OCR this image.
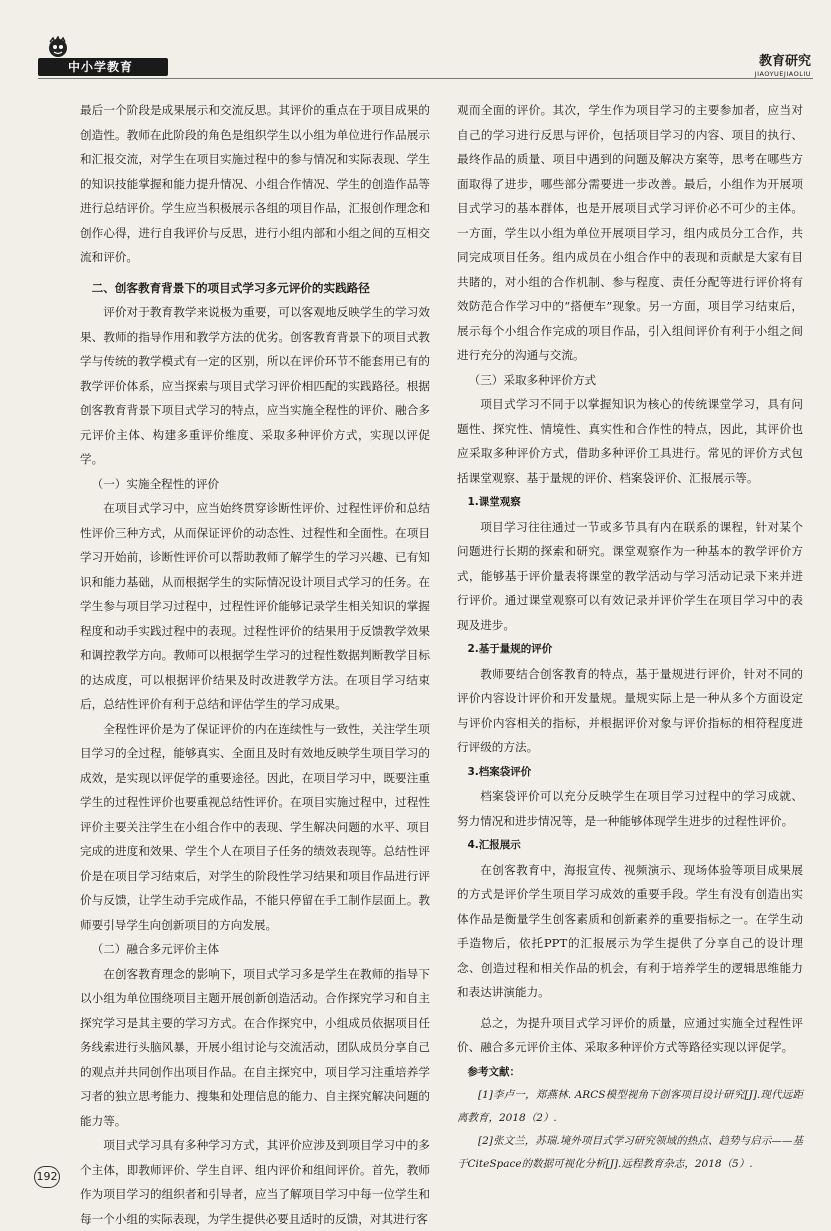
中小学教育	教育研究
JIAOYUEJIAOLIU

最后一个阶段是成果展示和交流反思。其评价的重点在于项目成果的创造性。教师在此阶段的角色是组织学生以小组为单位进行作品展示和汇报交流，对学生在项目实施过程中的参与情况和实际表现、学生的知识技能掌握和能力提升情况、小组合作情况、学生的创造作品等进行总结评价。学生应当积极展示各组的项目作品，汇报创作理念和创作心得，进行自我评价与反思，进行小组内部和小组之间的互相交流和评价。

二、创客教育背景下的项目式学习多元评价的实践路径

评价对于教育教学来说极为重要，可以客观地反映学生的学习效果、教师的指导作用和教学方法的优劣。创客教育背景下的项目式教学与传统的教学模式有一定的区别，所以在评价环节不能套用已有的教学评价体系，应当探索与项目式学习评价相匹配的实践路径。根据创客教育背景下项目式学习的特点，应当实施全程性的评价、融合多元评价主体、构建多重评价维度、采取多种评价方式，实现以评促学。

（一）实施全程性的评价

在项目式学习中，应当始终贯穿诊断性评价、过程性评价和总结性评价三种方式，从而保证评价的动态性、过程性和全面性。在项目学习开始前，诊断性评价可以帮助教师了解学生的学习兴趣、已有知识和能力基础，从而根据学生的实际情况设计项目式学习的任务。在学生参与项目学习过程中，过程性评价能够记录学生相关知识的掌握程度和动手实践过程中的表现。过程性评价的结果用于反馈教学效果和调控教学方向。教师可以根据学生学习的过程性数据判断教学目标的达成度，可以根据评价结果及时改进教学方法。在项目学习结束后，总结性评价有利于总结和评估学生的学习成果。

全程性评价是为了保证评价的内在连续性与一致性，关注学生项目学习的全过程，能够真实、全面且及时有效地反映学生项目学习的成效，是实现以评促学的重要途径。因此，在项目学习中，既要注重学生的过程性评价也要重视总结性评价。在项目实施过程中，过程性评价主要关注学生在小组合作中的表现、学生解决问题的水平、项目完成的进度和效果、学生个人在项目子任务的绩效表现等。总结性评价是在项目学习结束后，对学生的阶段性学习结果和项目作品进行评价与反馈，让学生动手完成作品，不能只停留在手工制作层面上。教师要引导学生向创新项目的方向发展。

（二）融合多元评价主体

在创客教育理念的影响下，项目式学习多是学生在教师的指导下以小组为单位围绕项目主题开展创新创造活动。合作探究学习和自主探究学习是其主要的学习方式。在合作探究中，小组成员依据项目任务线索进行头脑风暴，开展小组讨论与交流活动，团队成员分享自己的观点并共同创作出项目作品。在自主探究中，项目学习注重培养学习者的独立思考能力、搜集和处理信息的能力、自主探究解决问题的能力等。

项目式学习具有多种学习方式，其评价应涉及到项目学习中的多个主体，即教师评价、学生自评、组内评价和组间评价。首先，教师作为项目学习的组织者和引导者，应当了解项目学习中每一位学生和每一个小组的实际表现，为学生提供必要且适时的反馈，对其进行客

观而全面的评价。其次，学生作为项目学习的主要参加者，应当对自己的学习进行反思与评价，包括项目学习的内容、项目的执行、最终作品的质量、项目中遇到的问题及解决方案等，思考在哪些方面取得了进步，哪些部分需要进一步改善。最后，小组作为开展项目式学习的基本群体，也是开展项目式学习评价必不可少的主体。一方面，学生以小组为单位开展项目学习，组内成员分工合作，共同完成项目任务。组内成员在小组合作中的表现和贡献是大家有目共睹的，对小组的合作机制、参与程度、责任分配等进行评价将有效防范合作学习中的“搭便车”现象。另一方面，项目学习结束后，展示每个小组合作完成的项目作品，引入组间评价有利于小组之间进行充分的沟通与交流。

（三）采取多种评价方式

项目式学习不同于以掌握知识为核心的传统课堂学习，具有问题性、探究性、情境性、真实性和合作性的特点，因此，其评价也应采取多种评价方式，借助多种评价工具进行。常见的评价方式包括课堂观察、基于量规的评价、档案袋评价、汇报展示等。

1.课堂观察

项目学习往往通过一节或多节具有内在联系的课程，针对某个问题进行长期的探索和研究。课堂观察作为一种基本的教学评价方式，能够基于评价量表将课堂的教学活动与学习活动记录下来并进行评价。通过课堂观察可以有效记录并评价学生在项目学习中的表现及进步。

2.基于量规的评价

教师要结合创客教育的特点，基于量规进行评价，针对不同的评价内容设计评价和开发量规。量规实际上是一种从多个方面设定与评价内容相关的指标，并根据评价对象与评价指标的相符程度进行评级的方法。

3.档案袋评价

档案袋评价可以充分反映学生在项目学习过程中的学习成就、努力情况和进步情况等，是一种能够体现学生进步的过程性评价。

4.汇报展示

在创客教育中，海报宣传、视频演示、现场体验等项目成果展的方式是评价学生项目学习成效的重要手段。学生有没有创造出实体作品是衡量学生创客素质和创新素养的重要指标之一。在学生动手造物后，依托PPT的汇报展示为学生提供了分享自己的设计理念、创造过程和相关作品的机会，有利于培养学生的逻辑思维能力和表达讲演能力。

总之，为提升项目式学习评价的质量，应通过实施全过程性评价、融合多元评价主体、采取多种评价方式等路径实现以评促学。

参考文献：

[1]李卢一，郑燕林. ARCS模型视角下创客项目设计研究[J].现代远距离教育，2018（2）.

[2]张文兰，苏瑞.境外项目式学习研究领域的热点、趋势与启示——基于CiteSpace的数据可视化分析[J].远程教育杂志，2018（5）.

192
